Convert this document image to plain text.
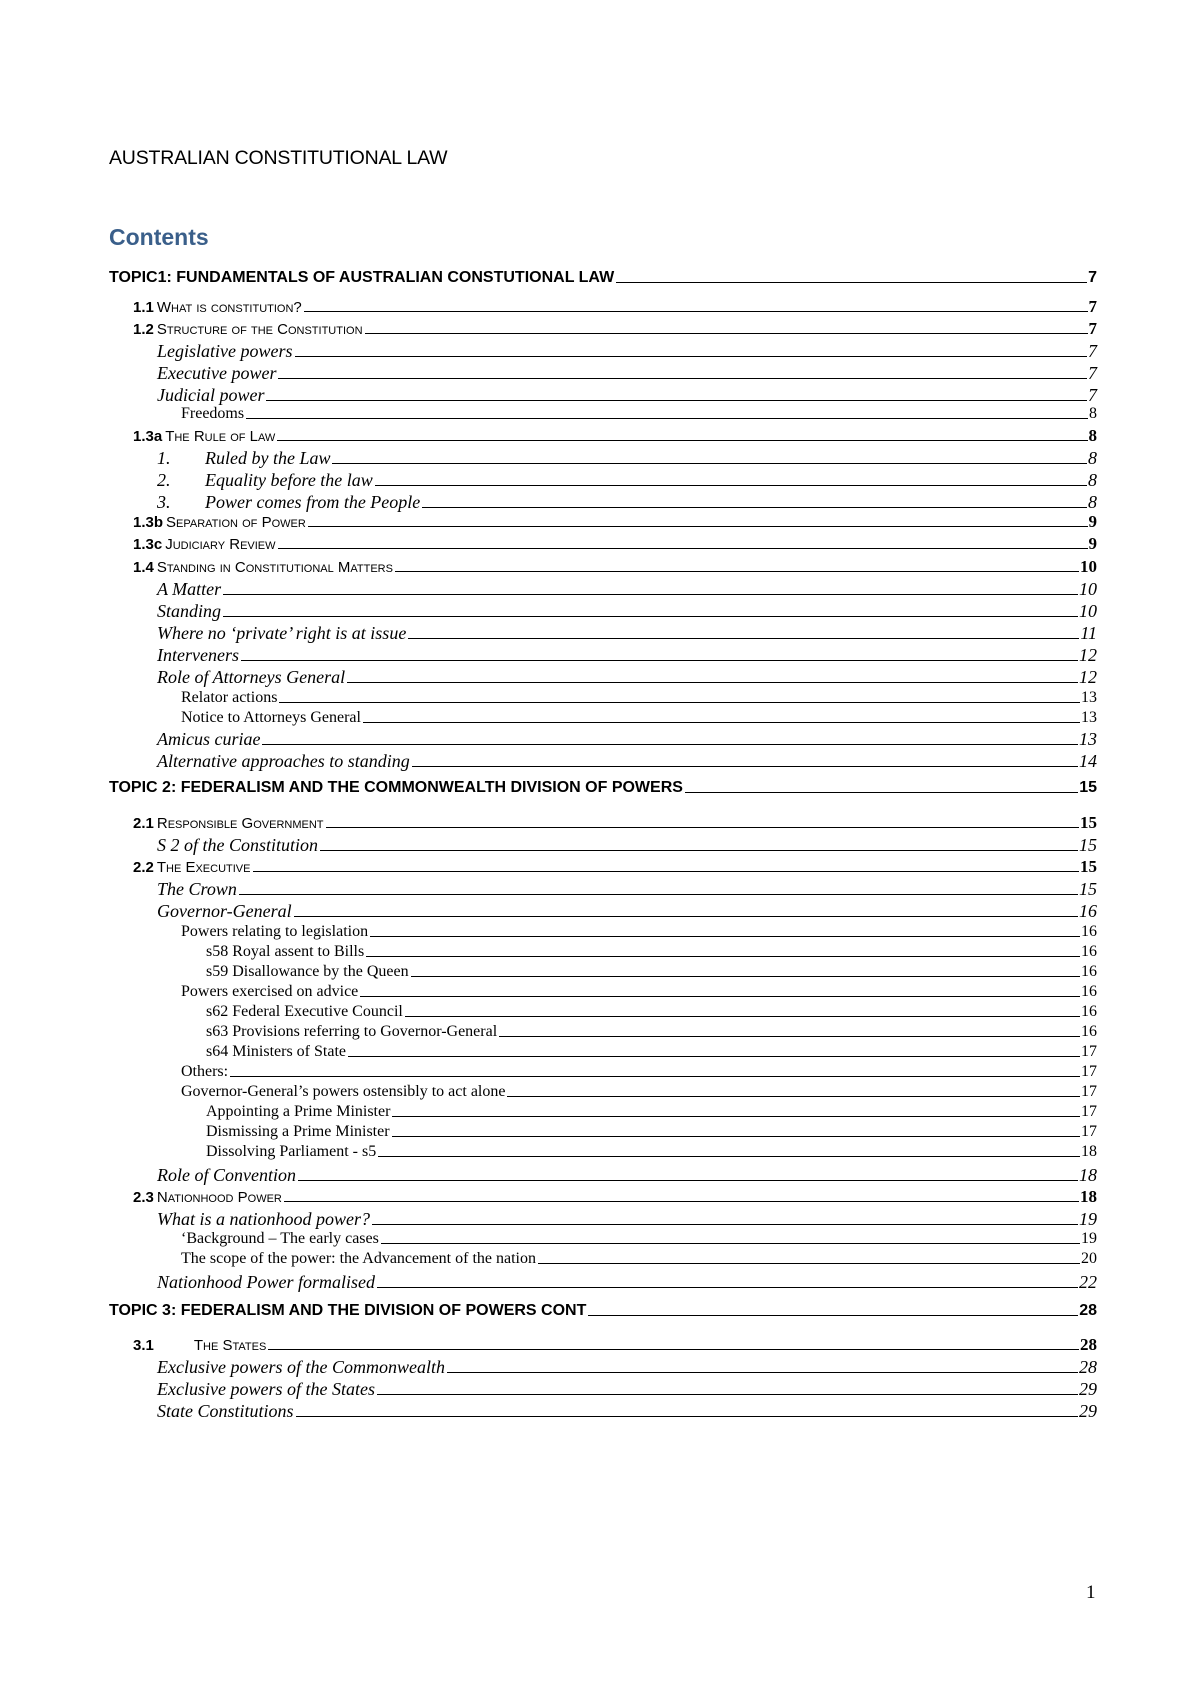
AUSTRALIAN CONSTITUTIONAL LAW
Contents
TOPIC1: FUNDAMENTALS OF AUSTRALIAN CONSTUTIONAL LAW	7
1.1 What is constitution?	7
1.2 Structure of the Constitution	7
Legislative powers	7
Executive power	7
Judicial power	7
Freedoms	8
1.3a The Rule of Law	8
1.	Ruled by the Law	8
2.	Equality before the law	8
3.	Power comes from the People	8
1.3b Separation of Power	9
1.3c Judiciary Review	9
1.4 Standing in Constitutional Matters	10
A Matter	10
Standing	10
Where no ‘private’ right is at issue	11
Interveners	12
Role of Attorneys General	12
Relator actions	13
Notice to Attorneys General	13
Amicus curiae	13
Alternative approaches to standing	14
TOPIC 2: FEDERALISM AND THE COMMONWEALTH DIVISION OF POWERS	15
2.1 Responsible Government	15
S 2 of the Constitution	15
2.2 The Executive	15
The Crown	15
Governor-General	16
Powers relating to legislation	16
s58 Royal assent to Bills	16
s59 Disallowance by the Queen	16
Powers exercised on advice	16
s62 Federal Executive Council	16
s63 Provisions referring to Governor-General	16
s64 Ministers of State	17
Others:	17
Governor-General’s powers ostensibly to act alone	17
Appointing a Prime Minister	17
Dismissing a Prime Minister	17
Dissolving Parliament - s5	18
Role of Convention	18
2.3 Nationhood Power	18
What is a nationhood power?	19
‘Background – The early cases	19
The scope of the power: the Advancement of the nation	20
Nationhood Power formalised	22
TOPIC 3: FEDERALISM AND THE DIVISION OF POWERS CONT	28
3.1	The States	28
Exclusive powers of the Commonwealth	28
Exclusive powers of the States	29
State Constitutions	29
1
